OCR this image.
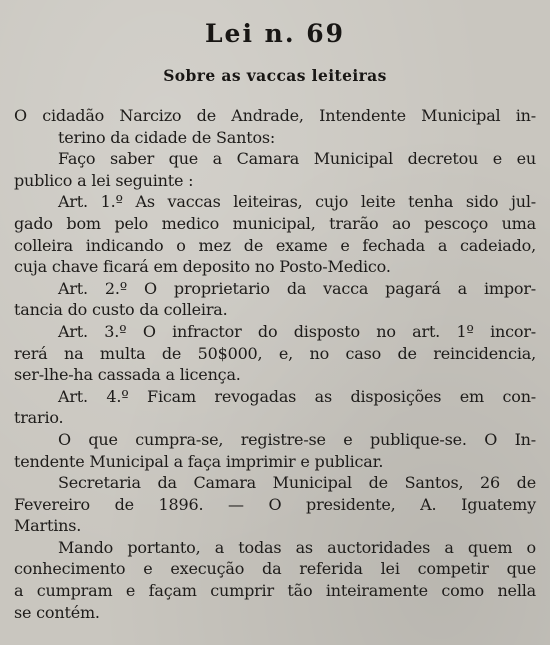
Lei n. 69
Sobre as vaccas leiteiras
O cidadão Narcizo de Andrade, Intendente Municipal in-
terino da cidade de Santos:
Faço saber que a Camara Municipal decretou e eu
publico a lei seguinte :
Art. 1.º As vaccas leiteiras, cujo leite tenha sido jul-
gado bom pelo medico municipal, trarão ao pescoço uma
colleira indicando o mez de exame e fechada a cadeiado,
cuja chave ficará em deposito no Posto-Medico.
Art. 2.º O proprietario da vacca pagará a impor-
tancia do custo da colleira.
Art. 3.º O infractor do disposto no art. 1º incor-
rerá na multa de 50$000, e, no caso de reincidencia,
ser-lhe-ha cassada a licença.
Art. 4.º Ficam revogadas as disposições em con-
trario.
O que cumpra-se, registre-se e publique-se. O In-
tendente Municipal a faça imprimir e publicar.
Secretaria da Camara Municipal de Santos, 26 de
Fevereiro de 1896. — O presidente, A. Iguatemy
Martins.
Mando portanto, a todas as auctoridades a quem o
conhecimento e execução da referida lei competir que
a cumpram e façam cumprir tão inteiramente como nella
se contém.
